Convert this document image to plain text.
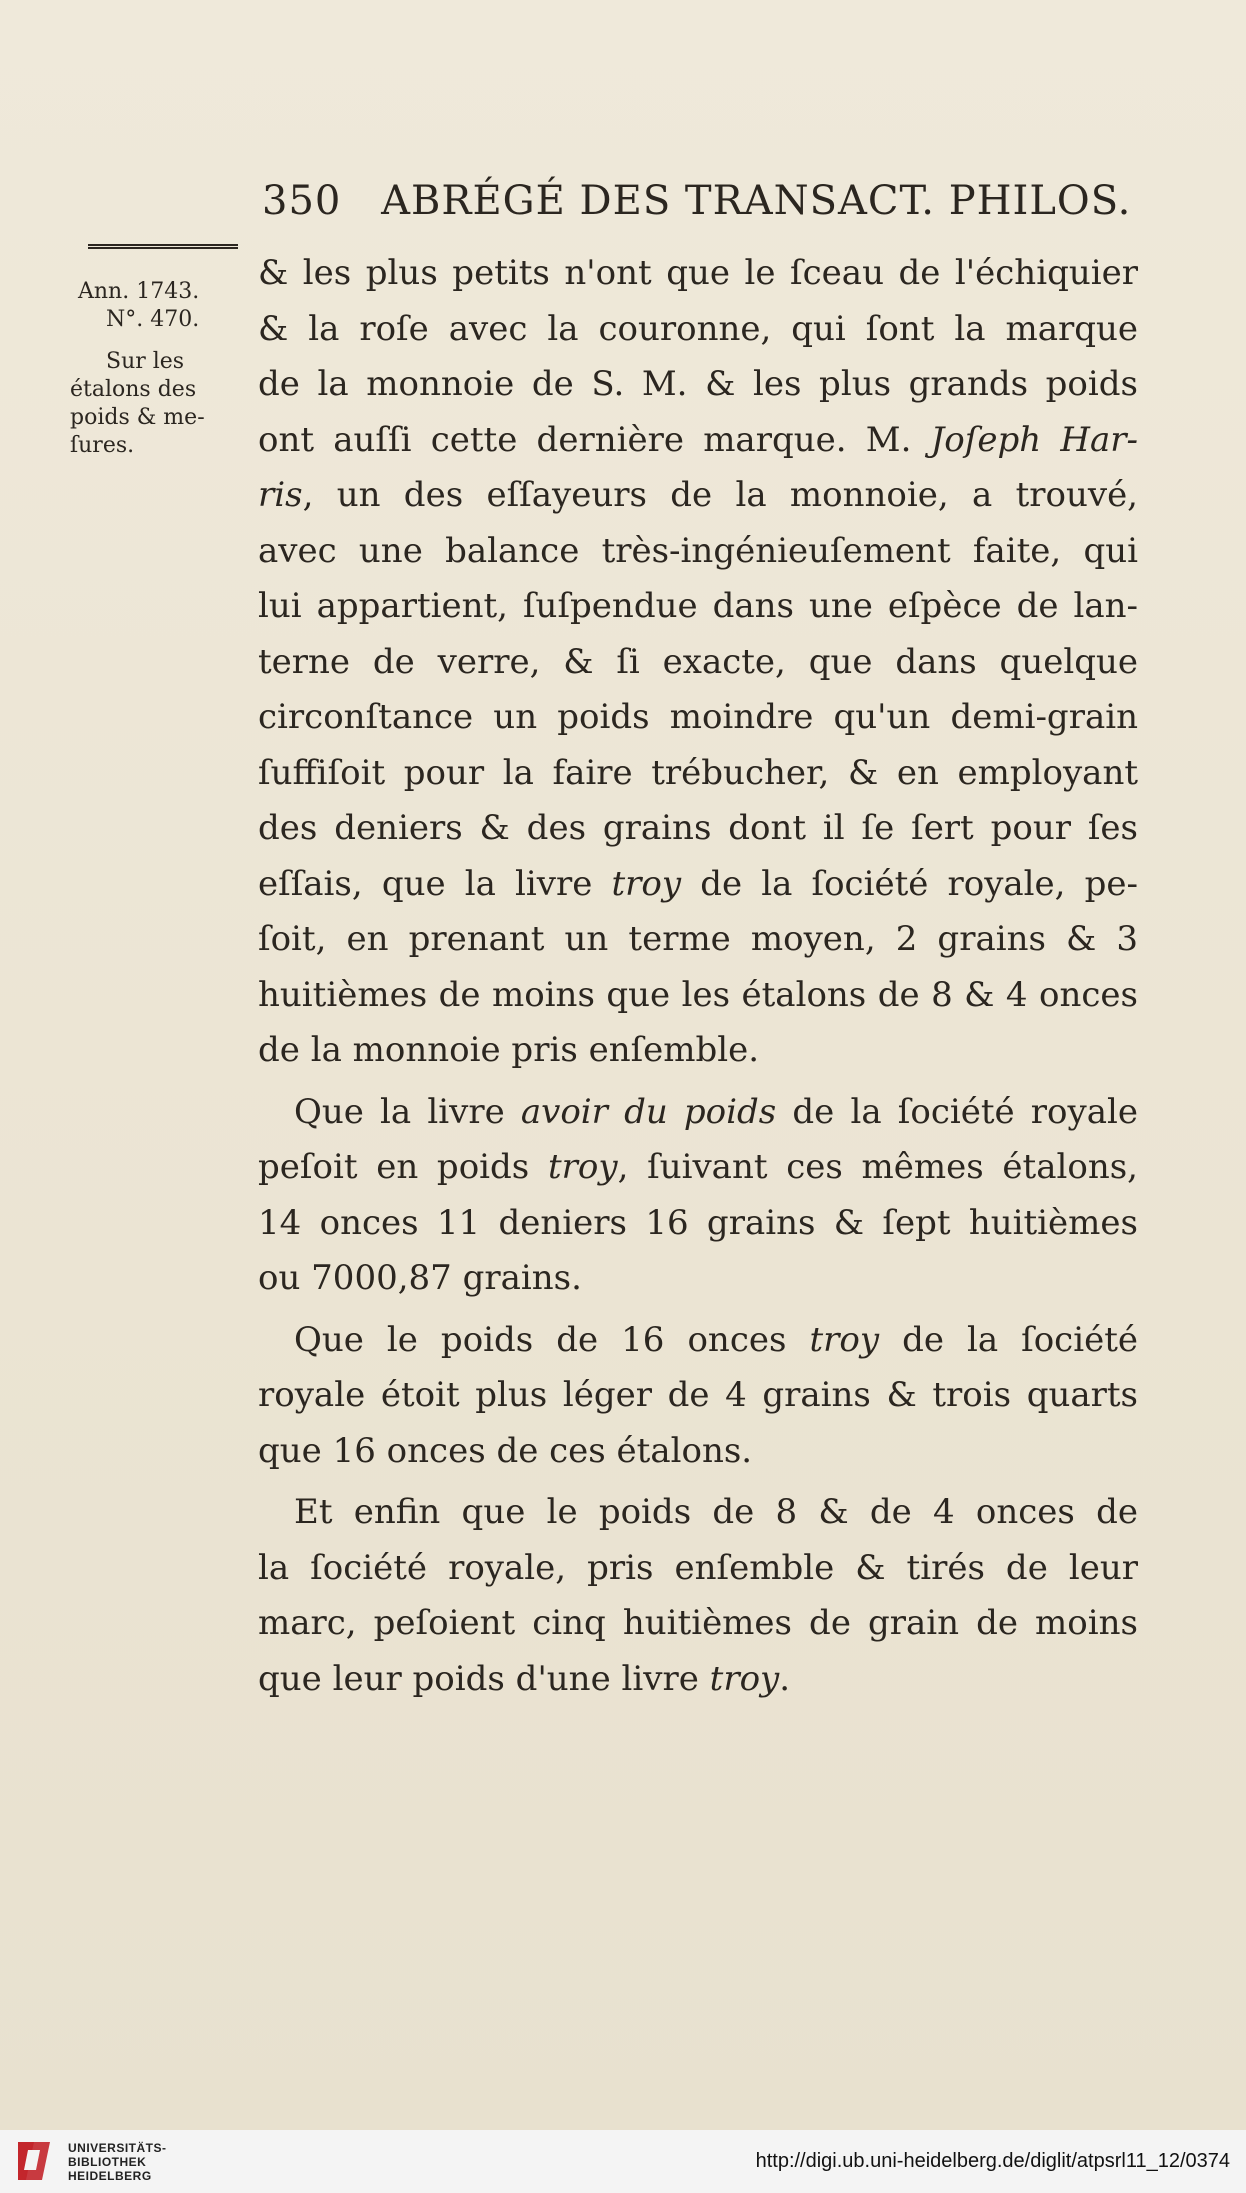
350 ABRÉGÉ DES TRANSACT. PHILOS.
Ann. 1743.
N°. 470.
Sur les
étalons des
poids & me-
ſures.

& les plus petits n'ont que le ſceau de l'échiquier

& la roſe avec la couronne, qui ſont la marque

de la monnoie de S. M. & les plus grands poids

ont auſſi cette dernière marque. M. Joſeph Har-

ris, un des eſſayeurs de la monnoie, a trouvé,

avec une balance très-ingénieuſement faite, qui

lui appartient, ſuſpendue dans une eſpèce de lan-

terne de verre, & ſi exacte, que dans quelque

circonſtance un poids moindre qu'un demi-grain

ſuffiſoit pour la faire trébucher, & en employant

des deniers & des grains dont il ſe ſert pour ſes

eſſais, que la livre troy de la ſociété royale, pe-

ſoit, en prenant un terme moyen, 2 grains & 3

huitièmes de moins que les étalons de 8 & 4 onces

de la monnoie pris enſemble.

Que la livre avoir du poids de la ſociété royale

peſoit en poids troy, ſuivant ces mêmes étalons,

14 onces 11 deniers 16 grains & ſept huitièmes

ou 7000,87 grains.

Que le poids de 16 onces troy de la ſociété

royale étoit plus léger de 4 grains & trois quarts

que 16 onces de ces étalons.

Et enfin que le poids de 8 & de 4 onces de

la ſociété royale, pris enſemble & tirés de leur

marc, peſoient cinq huitièmes de grain de moins

que leur poids d'une livre troy.

UNIVERSITÄTS-
BIBLIOTHEK
HEIDELBERG
http://digi.ub.uni-heidelberg.de/diglit/atpsrl11_12/0374
